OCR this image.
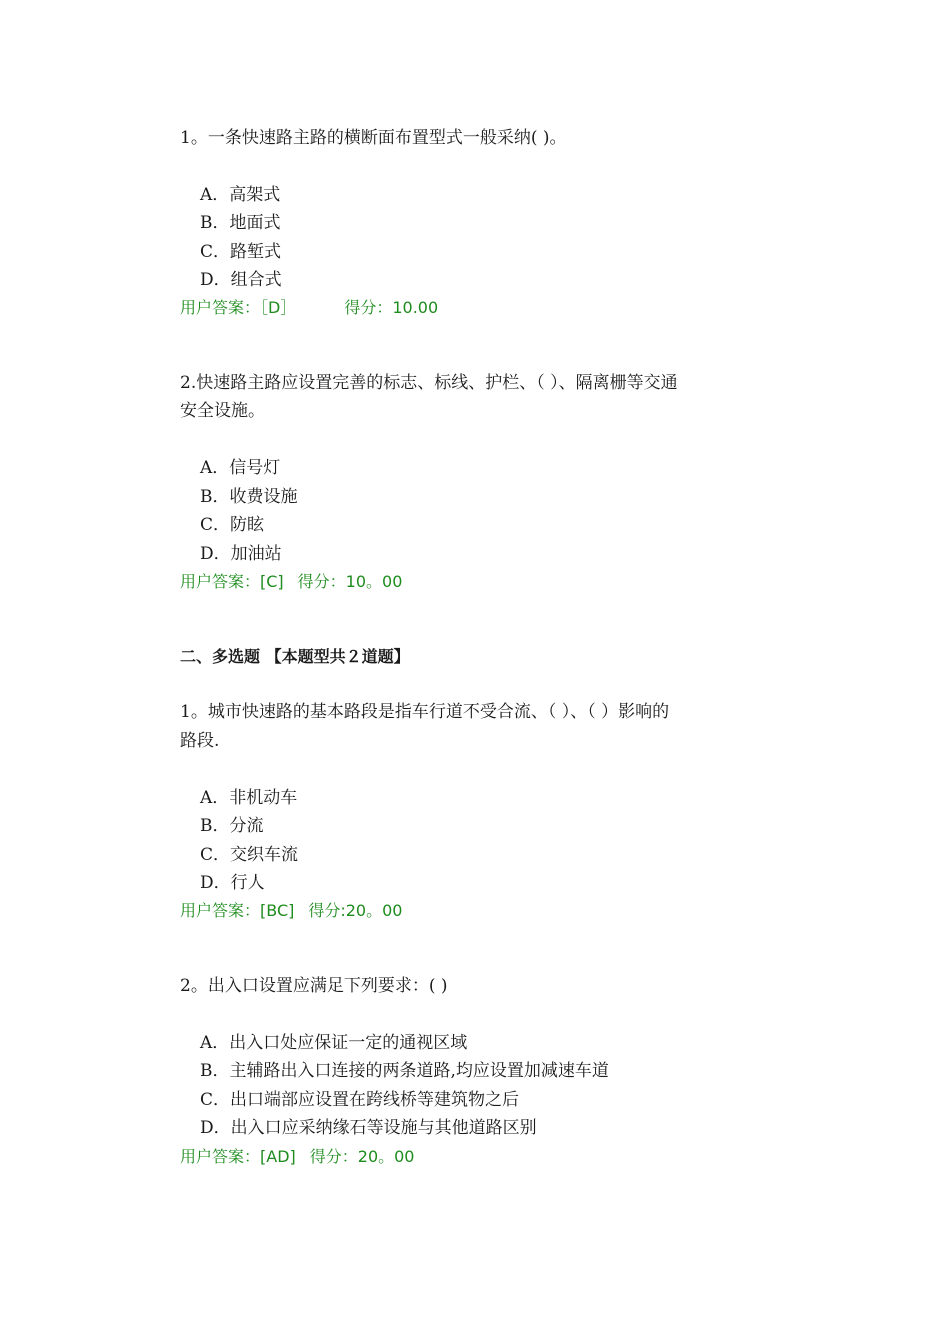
1。一条快速路主路的横断面布置型式一般采纳( )。
A．高架式
B．地面式
C．路堑式
D．组合式
用户答案：［D］	得分：10.00
2.快速路主路应设置完善的标志、标线、护栏、（ ）、隔离栅等交通
安全设施。
A．信号灯
B．收费设施
C．防眩
D．加油站
用户答案：[C] 得分：10。00
二、多选题 【本题型共２道题】
1。城市快速路的基本路段是指车行道不受合流、（ ）、（ ）影响的
路段.
A．非机动车
B．分流
C．交织车流
D．行人
用户答案：[BC] 得分:20。00
2。出入口设置应满足下列要求：( )
A．出入口处应保证一定的通视区域
B．主辅路出入口连接的两条道路,均应设置加减速车道
C．出口端部应设置在跨线桥等建筑物之后
D．出入口应采纳缘石等设施与其他道路区别
用户答案：[AD] 得分：20。00
